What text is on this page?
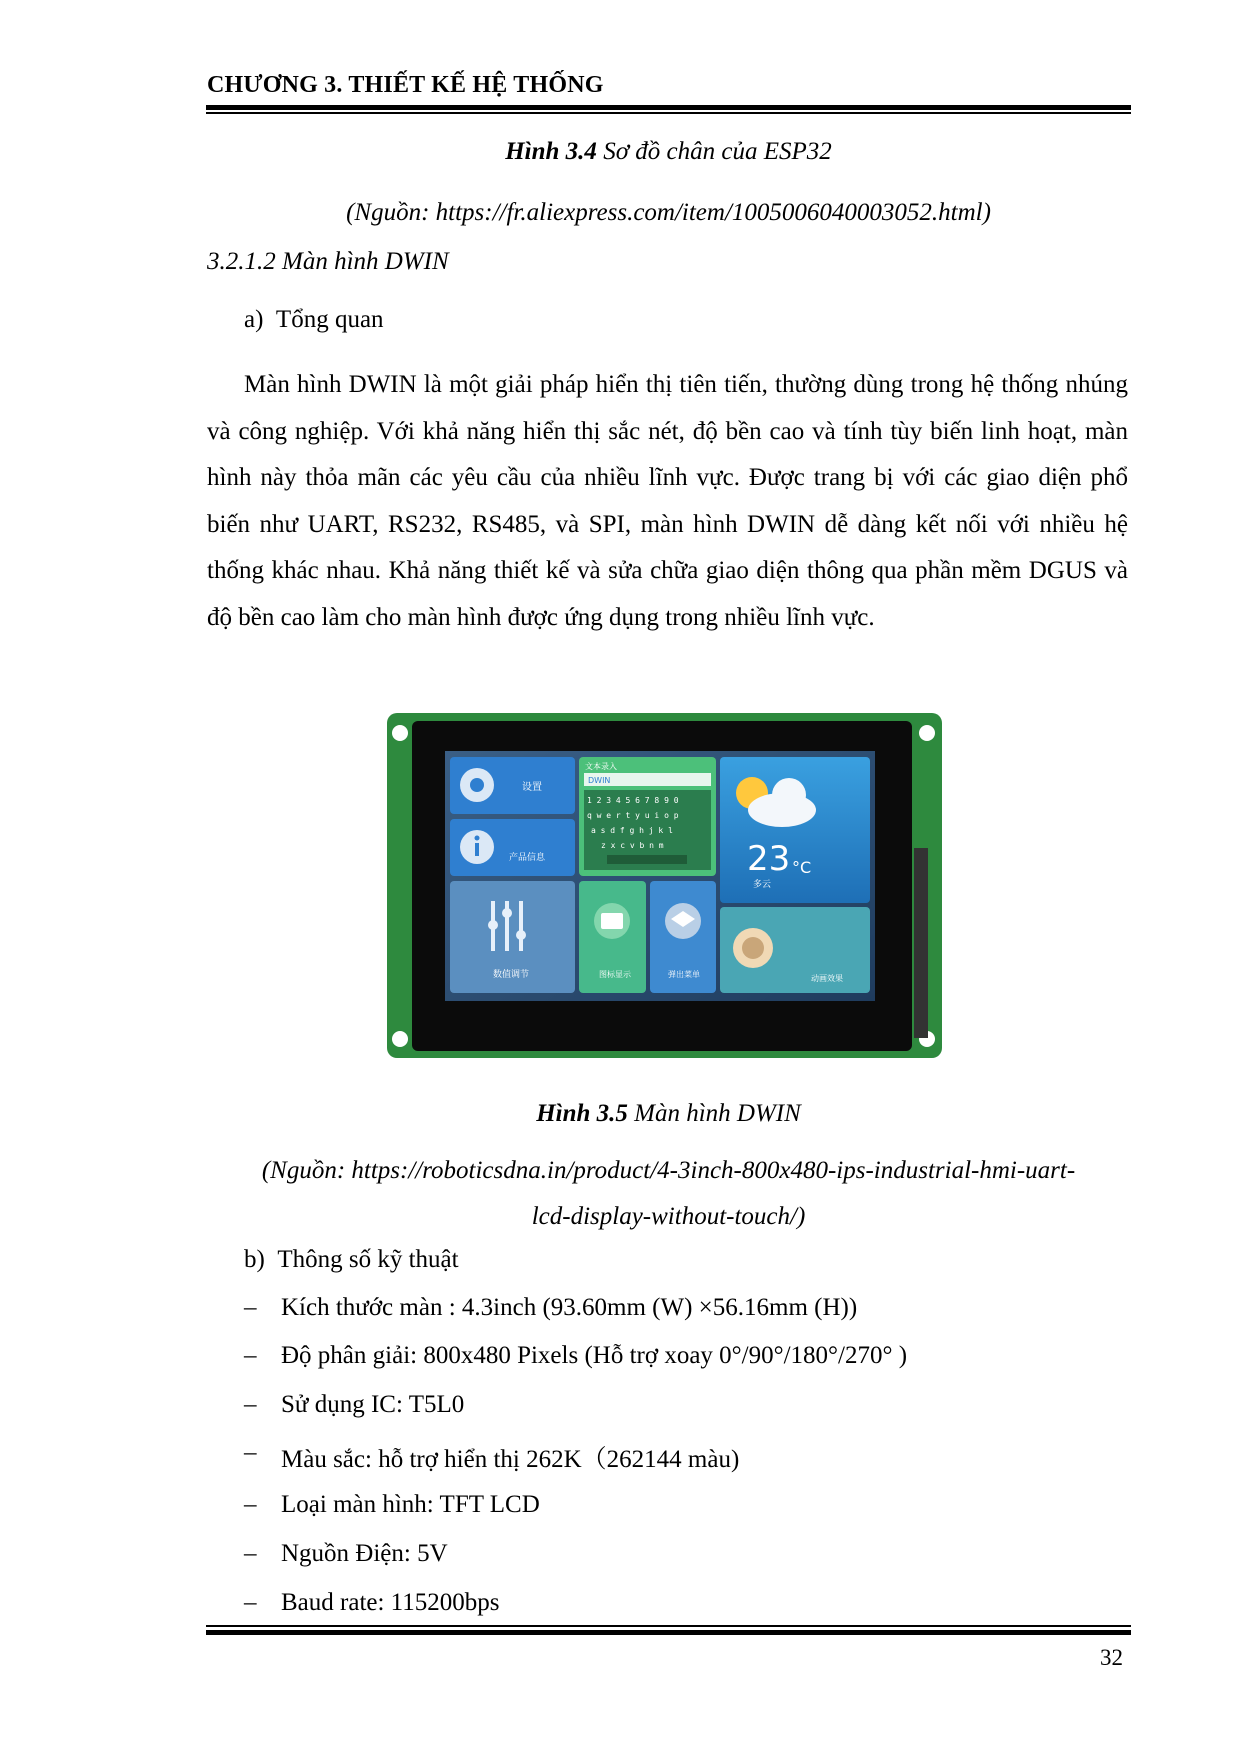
CHƯƠNG 3. THIẾT KẾ HỆ THỐNG
Hình 3.4 Sơ đồ chân của ESP32
(Nguồn: https://fr.aliexpress.com/item/1005006040003052.html)
3.2.1.2 Màn hình DWIN
a)  Tổng quan
Màn hình DWIN là một giải pháp hiển thị tiên tiến, thường dùng trong hệ thống nhúng và công nghiệp. Với khả năng hiển thị sắc nét, độ bền cao và tính tùy biến linh hoạt, màn hình này thỏa mãn các yêu cầu của nhiều lĩnh vực. Được trang bị với các giao diện phổ biến như UART, RS232, RS485, và SPI, màn hình DWIN dễ dàng kết nối với nhiều hệ thống khác nhau. Khả năng thiết kế và sửa chữa giao diện thông qua phần mềm DGUS và độ bền cao làm cho màn hình được ứng dụng trong nhiều lĩnh vực.
设置
产品信息
文本录入
DWIN
1 2 3 4 5 6 7 8 9 0
q w e r t y u i o p
a s d f g h j k l
z x c v b n m 23 °C
多云
数值调节	图标显示	弹出菜单	动画效果
Hình 3.5 Màn hình DWIN
(Nguồn: https://roboticsdna.in/product/4-3inch-800x480-ips-industrial-hmi-uart-
lcd-display-without-touch/)
b)  Thông số kỹ thuật
– Kích thước màn : 4.3inch (93.60mm (W) ×56.16mm (H))
– Độ phân giải: 800x480 Pixels (Hỗ trợ xoay 0°/90°/180°/270° )
– Sử dụng IC: T5L0
– Màu sắc: hỗ trợ hiển thị 262K（262144 màu)
– Loại màn hình: TFT LCD
– Nguồn Điện: 5V
– Baud rate: 115200bps
32
